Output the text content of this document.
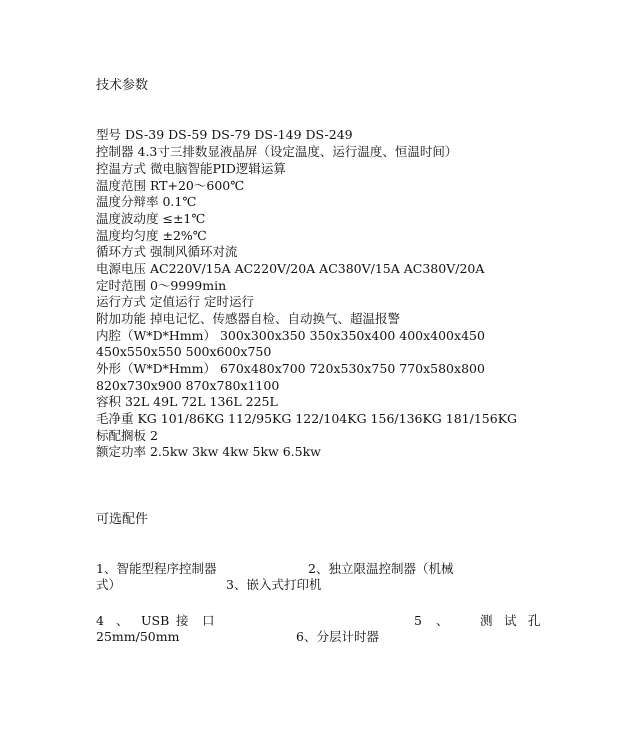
技术参数
型号 DS-39 DS-59 DS-79 DS-149 DS-249
控制器 4.3寸三排数显液晶屏（设定温度、运行温度、恒温时间）
控温方式 微电脑智能PID逻辑运算
温度范围 RT+20～600℃
温度分辩率 0.1℃
温度波动度 ≤±1℃
温度均匀度 ±2%℃
循环方式 强制风循环对流
电源电压 AC220V/15A AC220V/20A AC380V/15A AC380V/20A
定时范围 0～9999min
运行方式 定值运行 定时运行
附加功能 掉电记忆、传感器自检、自动换气、超温报警
内腔（W*D*Hmm） 300x300x350 350x350x400 400x400x450
450x550x550 500x600x750
外形（W*D*Hmm） 670x480x700 720x530x750 770x580x800
820x730x900 870x780x1100
容积 32L 49L 72L 136L 225L
毛净重 KG 101/86KG 112/95KG 122/104KG 156/136KG 181/156KG
标配搁板 2
额定功率 2.5kw 3kw 4kw 5kw 6.5kw
可选配件
1、智能型程序控制器	2、独立限温控制器（机械
式）	3、嵌入式打印机
4 、 USB 接 口	5 、	测 试 孔
25mm/50mm	6、分层计时器
